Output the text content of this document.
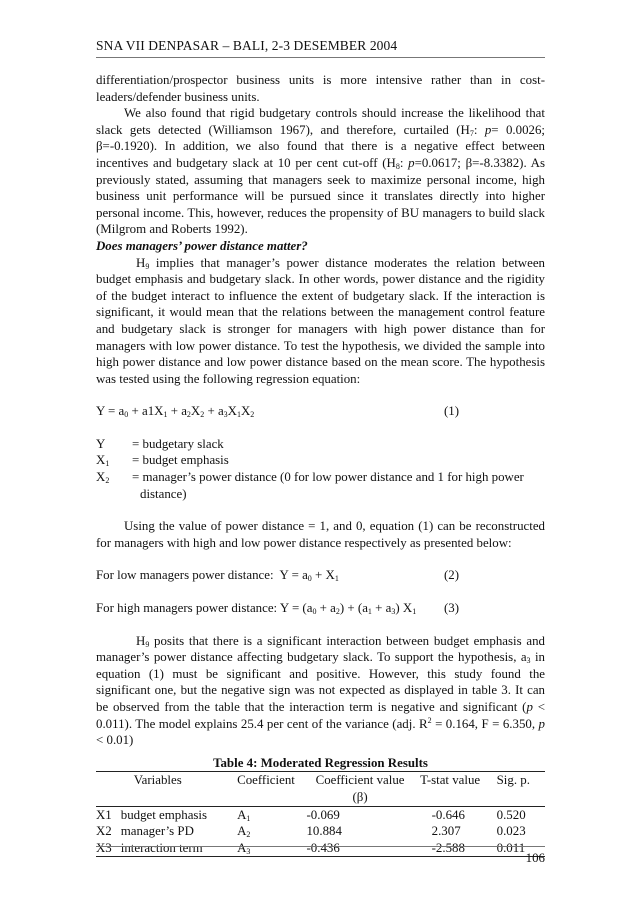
SNA VII DENPASAR – BALI, 2-3 DESEMBER 2004

differentiation/prospector business units is more intensive rather than in cost-leaders/defender business units.

We also found that rigid budgetary controls should increase the likelihood that slack gets detected (Williamson 1967), and therefore, curtailed ($H_7$: p= 0.0026; β=-0.1920). In addition, we also found that there is a negative effect between incentives and budgetary slack at 10 per cent cut-off ($H_8$: p=0.0617; β=-8.3382). As previously stated, assuming that managers seek to maximize personal income, high business unit performance will be pursued since it translates directly into higher personal income. This, however, reduces the propensity of BU managers to build slack (Milgrom and Roberts 1992).

Does managers’ power distance matter?

$H_9$ implies that manager’s power distance moderates the relation between budget emphasis and budgetary slack. In other words, power distance and the rigidity of the budget interact to influence the extent of budgetary slack. If the interaction is significant, it would mean that the relations between the management control feature and budgetary slack is stronger for managers with high power distance than for managers with low power distance. To test the hypothesis, we divided the sample into high power distance and low power distance based on the mean score. The hypothesis was tested using the following regression equation:

$Y = a_0 + a1X_1 + a_2X_2 + a_3X_1X_2$	(1)
Y	= budgetary slack
$X_1$	= budget emphasis
$X_2$	= manager’s power distance (0 for low power distance and 1 for high power
distance)

Using the value of power distance = 1, and 0, equation (1) can be reconstructed for managers with high and low power distance respectively as presented below:

For low managers power distance:  $Y = a_0 + X_1$	(2)
For high managers power distance: $Y = (a_0 + a_2) + (a_1 + a_3)$ $X_1$ (3)

$H_9$ posits that there is a significant interaction between budget emphasis and manager’s power distance affecting budgetary slack. To support the hypothesis, $a_3$ in equation (1) must be significant and positive. However, this study found the significant one, but the negative sign was not expected as displayed in table 3. It can be observed from the table that the interaction term is negative and significant (p < 0.011). The model explains 25.4 per cent of the variance (adj. $R^2 = 0.164$, F = 6.350, p < 0.01)

Table 4: Moderated Regression Results
	Variables	Coefficient	Coefficient value	T-stat value	Sig. p.
			(β)		
X1	budget emphasis	$A_1$	-0.069	-0.646	0.520
X2	manager’s PD	$A_2$	10.884	2.307	0.023
X3	interaction term	$A_3$	-0.436	-2.588	0.011
106
